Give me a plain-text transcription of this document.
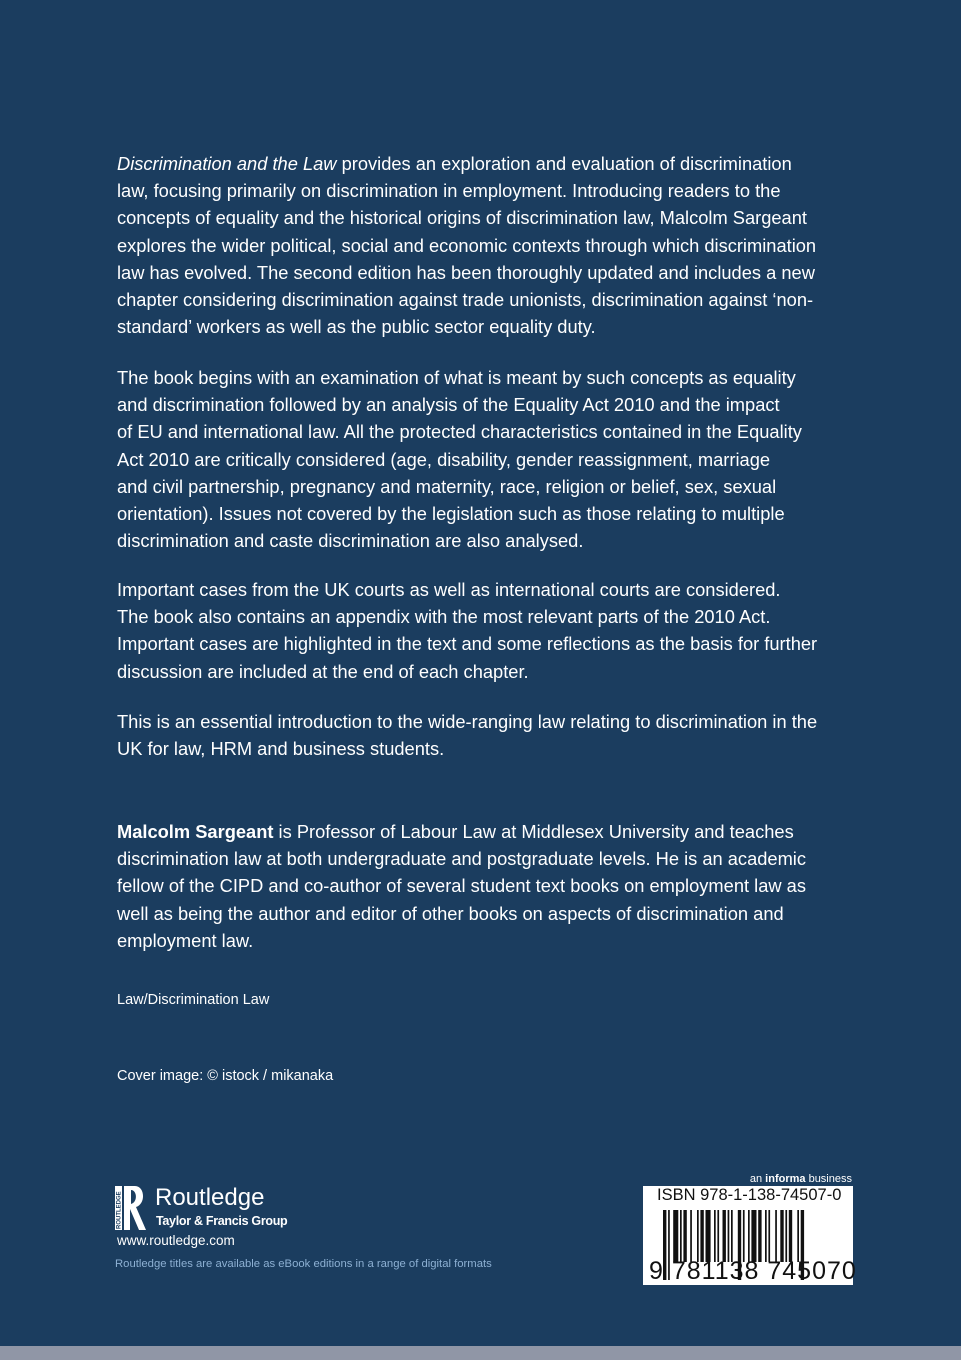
Discrimination and the Law provides an exploration and evaluation of discrimination
law, focusing primarily on discrimination in employment. Introducing readers to the
concepts of equality and the historical origins of discrimination law, Malcolm Sargeant
explores the wider political, social and economic contexts through which discrimination
law has evolved. The second edition has been thoroughly updated and includes a new
chapter considering discrimination against trade unionists, discrimination against ‘non-
standard’ workers as well as the public sector equality duty.
The book begins with an examination of what is meant by such concepts as equality
and discrimination followed by an analysis of the Equality Act 2010 and the impact
of EU and international law. All the protected characteristics contained in the Equality
Act 2010 are critically considered (age, disability, gender reassignment, marriage
and civil partnership, pregnancy and maternity, race, religion or belief, sex, sexual
orientation). Issues not covered by the legislation such as those relating to multiple
discrimination and caste discrimination are also analysed.
Important cases from the UK courts as well as international courts are considered.
The book also contains an appendix with the most relevant parts of the 2010 Act.
Important cases are highlighted in the text and some reflections as the basis for further
discussion are included at the end of each chapter.
This is an essential introduction to the wide-ranging law relating to discrimination in the
UK for law, HRM and business students.
Malcolm Sargeant is Professor of Labour Law at Middlesex University and teaches
discrimination law at both undergraduate and postgraduate levels. He is an academic
fellow of the CIPD and co-author of several student text books on employment law as
well as being the author and editor of other books on aspects of discrimination and
employment law.
Law/Discrimination Law
Cover image: © istock / mikanaka
ROUTLEDGE Routledge
Taylor & Francis Group
www.routledge.com
Routledge titles are available as eBook editions in a range of digital formats
an informa business
ISBN 978-1-138-74507-0
9 781138 745070
